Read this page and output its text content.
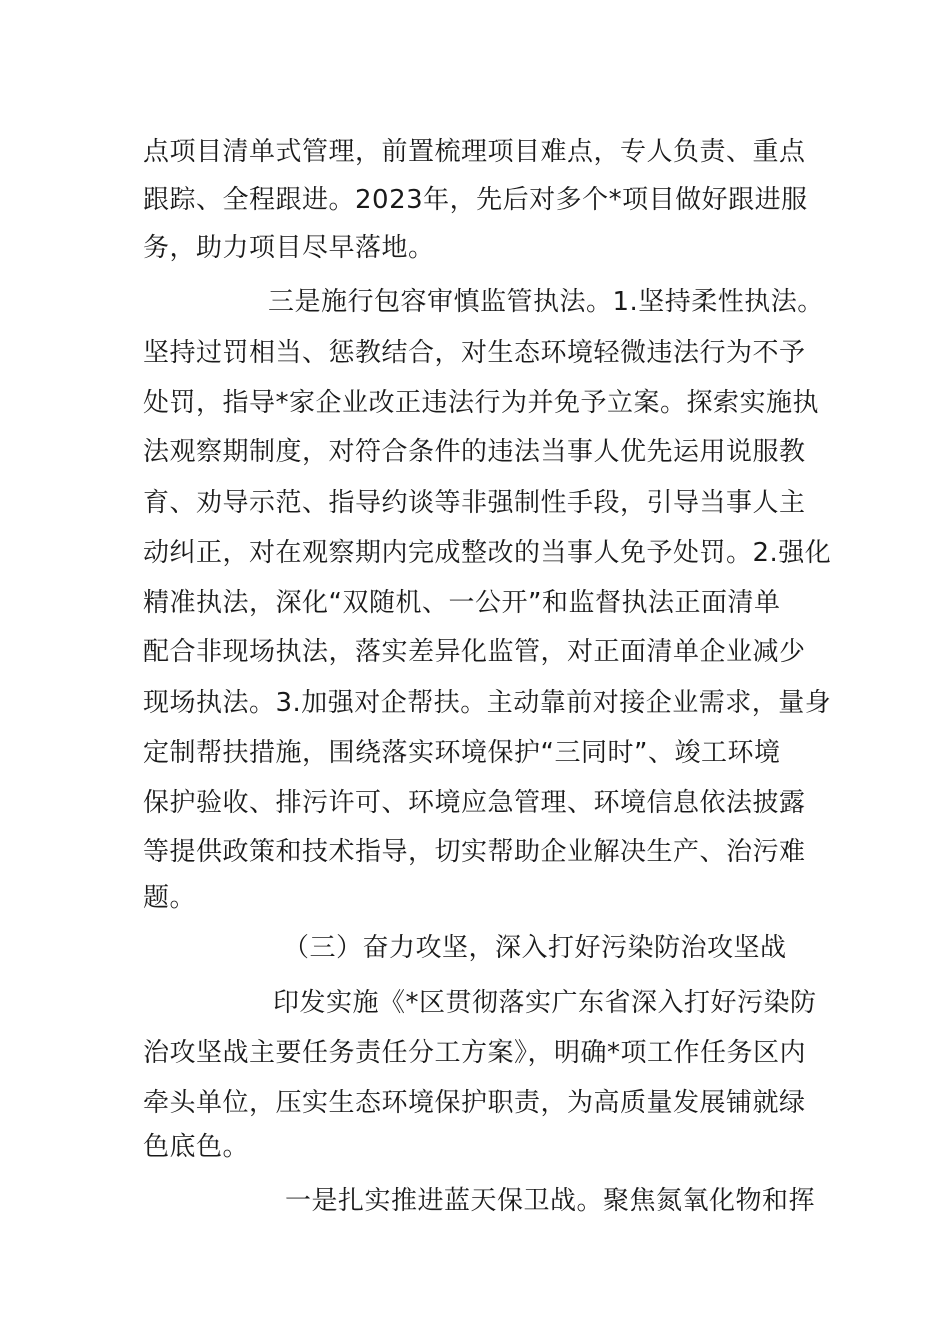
点项目清单式管理，前置梳理项目难点，专人负责、重点
跟踪、全程跟进。2023年，先后对多个*项目做好跟进服
务，助力项目尽早落地。
三是施行包容审慎监管执法。1.坚持柔性执法。
坚持过罚相当、惩教结合，对生态环境轻微违法行为不予
处罚，指导*家企业改正违法行为并免予立案。探索实施执
法观察期制度，对符合条件的违法当事人优先运用说服教
育、劝导示范、指导约谈等非强制性手段，引导当事人主
动纠正，对在观察期内完成整改的当事人免予处罚。2.强化
精准执法，深化“双随机、一公开”和监督执法正面清单
配合非现场执法，落实差异化监管，对正面清单企业减少
现场执法。3.加强对企帮扶。主动靠前对接企业需求，量身
定制帮扶措施，围绕落实环境保护“三同时”、竣工环境
保护验收、排污许可、环境应急管理、环境信息依法披露
等提供政策和技术指导，切实帮助企业解决生产、治污难
题。
（三）奋力攻坚，深入打好污染防治攻坚战
印发实施《*区贯彻落实广东省深入打好污染防
治攻坚战主要任务责任分工方案》，明确*项工作任务区内
牵头单位，压实生态环境保护职责，为高质量发展铺就绿
色底色。
一是扎实推进蓝天保卫战。聚焦氮氧化物和挥
